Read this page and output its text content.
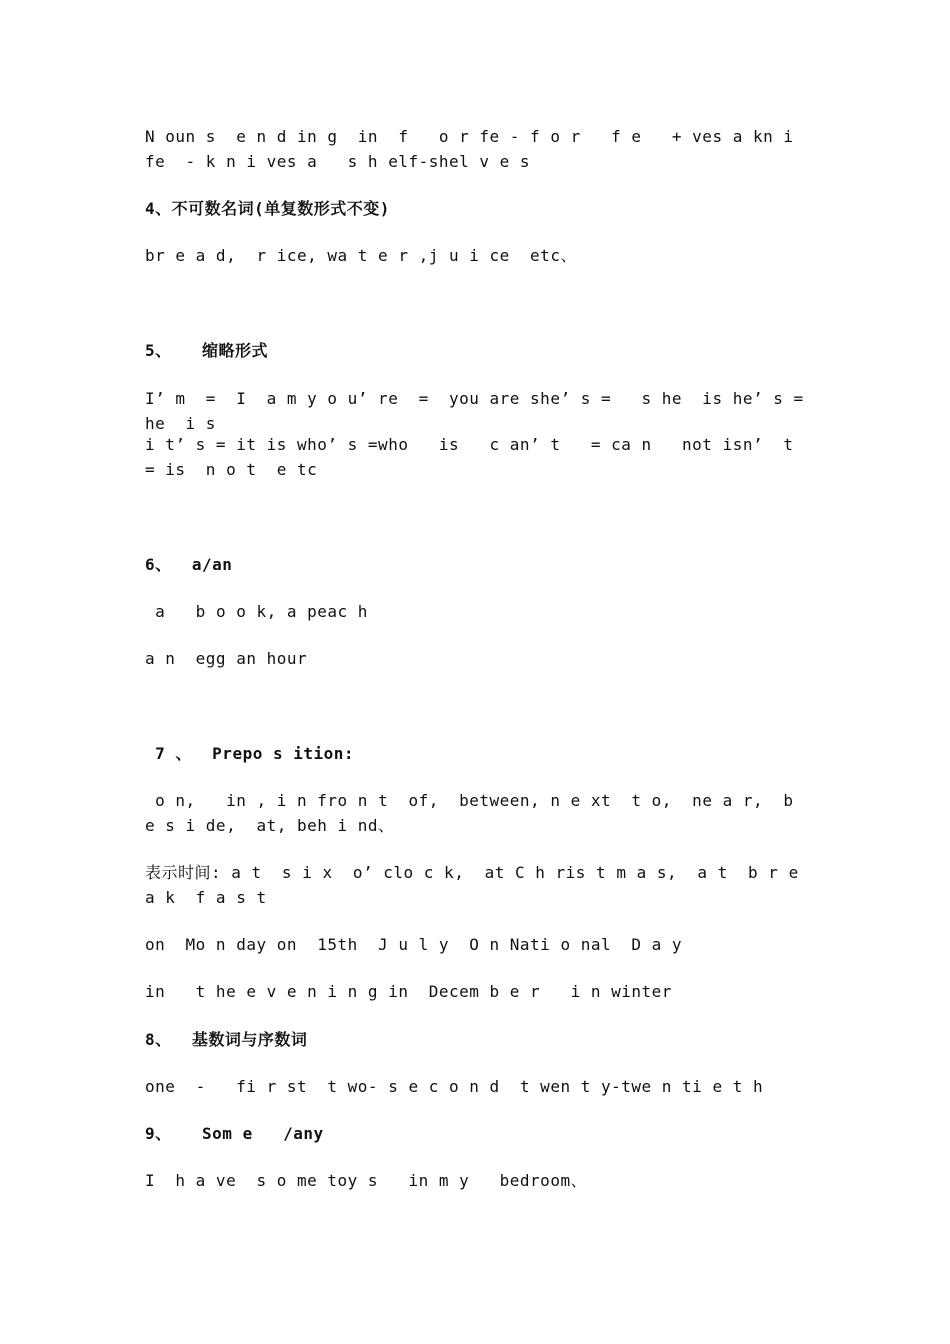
N oun s  e n d in g  in  f   o r fe - f o r   f e   + ves a kn i fe  - k n i ves a   s h elf-shel v e s
4、不可数名词(单复数形式不变)
br e a d,  r ice, wa t e r ,j u i ce  etc、
5、   缩略形式
I’ m  =  I  a m y o u’ re  =  you are she’ s =   s he  is he’ s = he  i s
i t’ s = it is who’ s =who   is   c an’ t   = ca n   not isn’  t = is  n o t  e tc
6、  a/an
a   b o o k, a peac h
a n  egg an hour
7 、  Prepo s ition:
o n,   in , i n fro n t  of,  between, n e xt  t o,  ne a r,  b e s i de,  at, beh i nd、
表示时间: a t  s i x  o’ clo c k,  at C h ris t m a s,  a t  b r e a k  f a s t
on  Mo n day on  15th  J u l y  O n Nati o nal  D a y
in   t he e v e n i n g in  Decem b e r   i n winter
8、  基数词与序数词
one  -   fi r st  t wo- s e c o n d  t wen t y-twe n ti e t h
9、   Som e   /any
I  h a ve  s o me toy s   in m y   bedroom、
